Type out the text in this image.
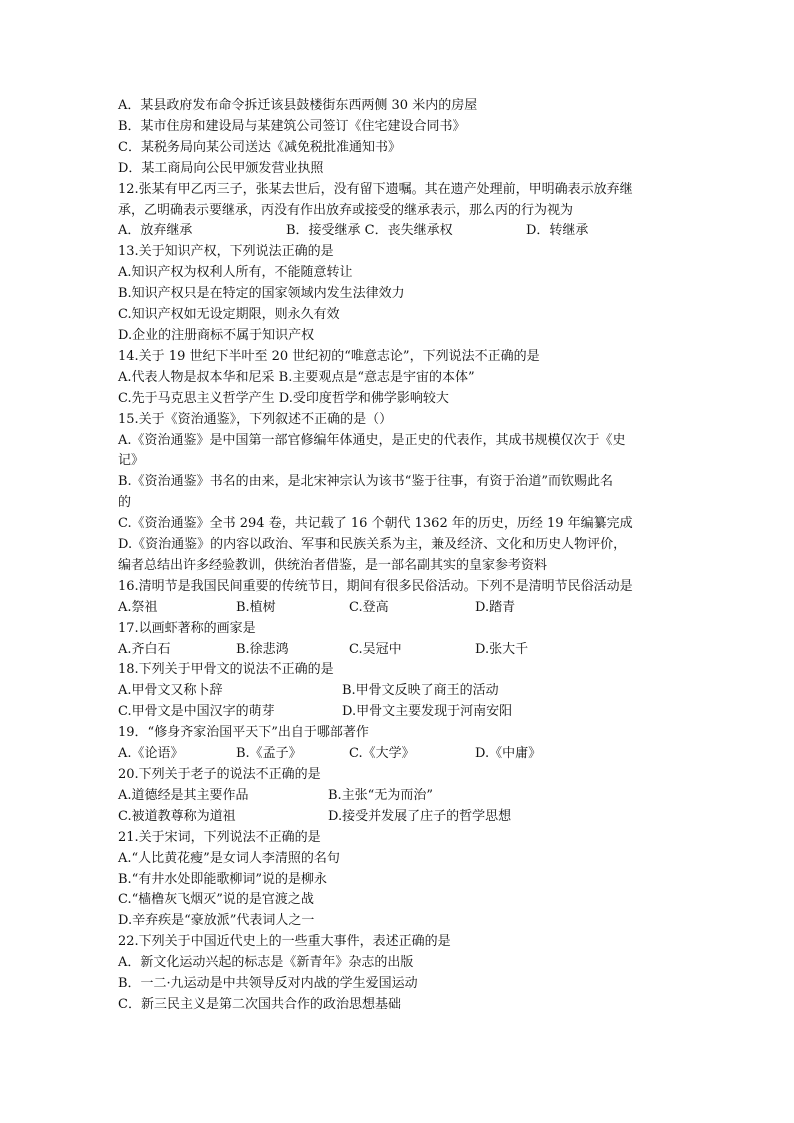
A．某县政府发布命令拆迁该县鼓楼街东西两侧 30 米内的房屋
B．某市住房和建设局与某建筑公司签订《住宅建设合同书》
C．某税务局向某公司送达《减免税批准通知书》
D．某工商局向公民甲颁发营业执照
12.张某有甲乙丙三子，张某去世后，没有留下遗嘱。其在遗产处理前，甲明确表示放弃继
承，乙明确表示要继承，丙没有作出放弃或接受的继承表示，那么丙的行为视为
A．放弃继承	B．接受继承 C．丧失继承权	D．转继承
13.关于知识产权，下列说法正确的是
A.知识产权为权利人所有，不能随意转让
B.知识产权只是在特定的国家领域内发生法律效力
C.知识产权如无设定期限，则永久有效
D.企业的注册商标不属于知识产权
14.关于 19 世纪下半叶至 20 世纪初的“唯意志论”，下列说法不正确的是
A.代表人物是叔本华和尼采 B.主要观点是“意志是宇宙的本体”
C.先于马克思主义哲学产生 D.受印度哲学和佛学影响较大
15.关于《资治通鉴》，下列叙述不正确的是（）
A.《资治通鉴》是中国第一部官修编年体通史，是正史的代表作，其成书规模仅次于《史
记》
B.《资治通鉴》书名的由来，是北宋神宗认为该书“鉴于往事，有资于治道”而钦赐此名
的
C.《资治通鉴》全书 294 卷，共记载了 16 个朝代 1362 年的历史，历经 19 年编纂完成
D.《资治通鉴》的内容以政治、军事和民族关系为主，兼及经济、文化和历史人物评价，
编者总结出许多经验教训，供统治者借鉴，是一部名副其实的皇家参考资料
16.清明节是我国民间重要的传统节日，期间有很多民俗活动。下列不是清明节民俗活动是
A.祭祖	B.植树	C.登高	D.踏青
17.以画虾著称的画家是
A.齐白石	B.徐悲鸿	C.吴冠中	D.张大千
18.下列关于甲骨文的说法不正确的是
A.甲骨文又称卜辞	B.甲骨文反映了商王的活动
C.甲骨文是中国汉字的萌芽	D.甲骨文主要发现于河南安阳
19．“修身齐家治国平天下”出自于哪部著作
A.《论语》	B.《孟子》	C.《大学》	D.《中庸》
20.下列关于老子的说法不正确的是
A.道德经是其主要作品	B.主张“无为而治”
C.被道教尊称为道祖	D.接受并发展了庄子的哲学思想
21.关于宋词，下列说法不正确的是
A.“人比黄花瘦”是女词人李清照的名句
B.“有井水处即能歌柳词”说的是柳永
C.“樯橹灰飞烟灭”说的是官渡之战
D.辛弃疾是“豪放派”代表词人之一
22.下列关于中国近代史上的一些重大事件，表述正确的是
A．新文化运动兴起的标志是《新青年》杂志的出版
B．一二·九运动是中共领导反对内战的学生爱国运动
C．新三民主义是第二次国共合作的政治思想基础
